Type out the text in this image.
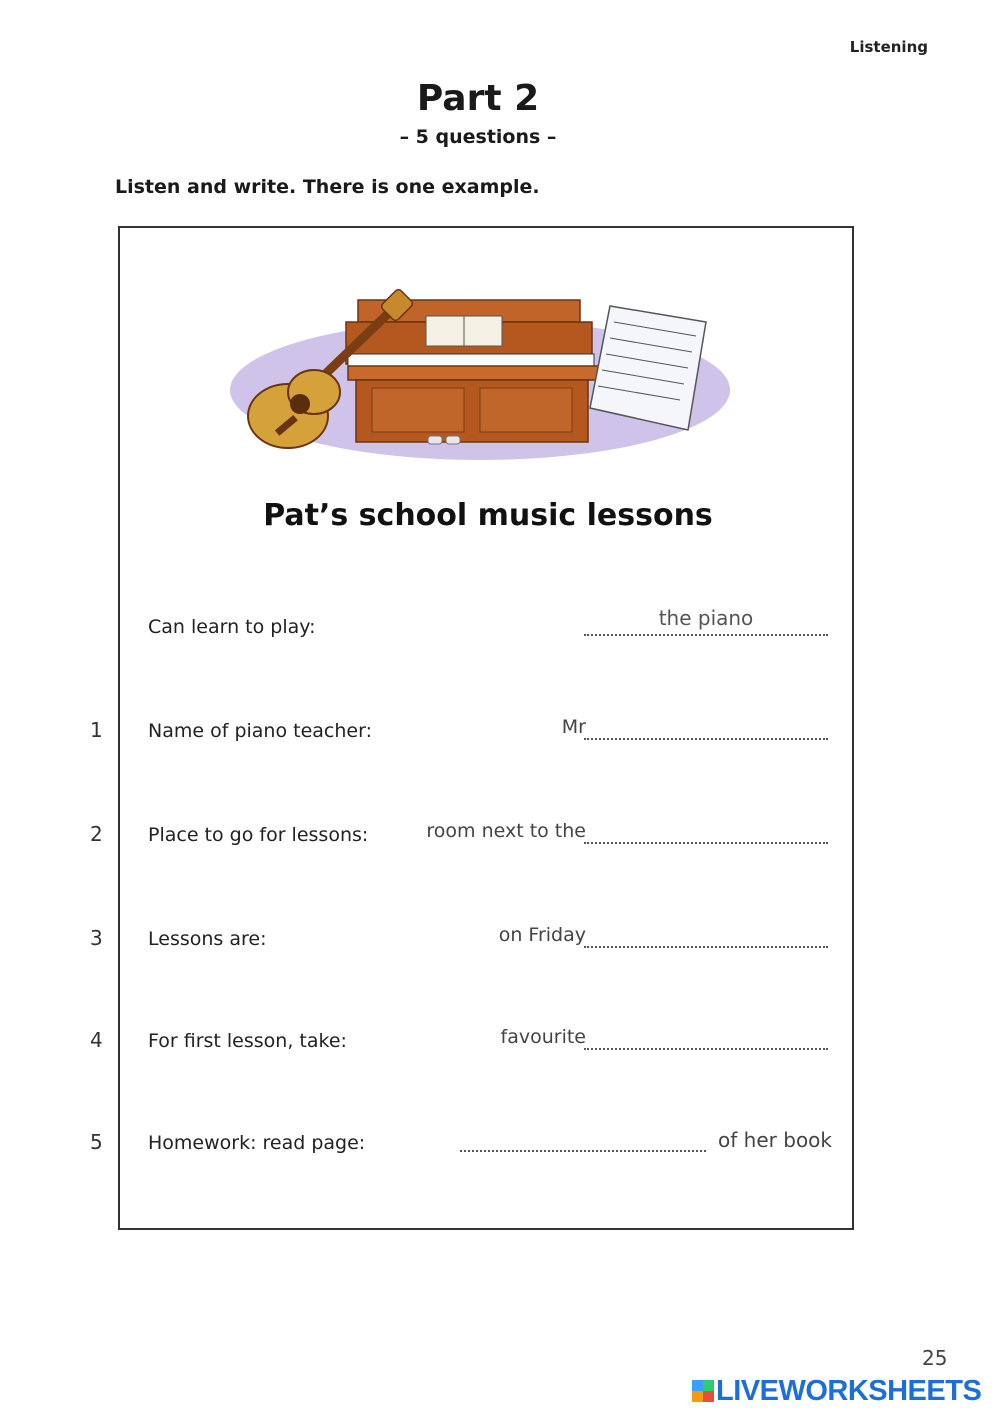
Listening
Part 2
– 5 questions –
Listen and write. There is one example.
Pat’s school music lessons
Can learn to play:	the piano
1 Name of piano teacher:	Mr
2 Place to go for lessons:	room next to the
3 Lessons are:	on Friday
4 For first lesson, take:	favourite
5 Homework: read page:	of her book
25
LIVEWORKSHEETS
